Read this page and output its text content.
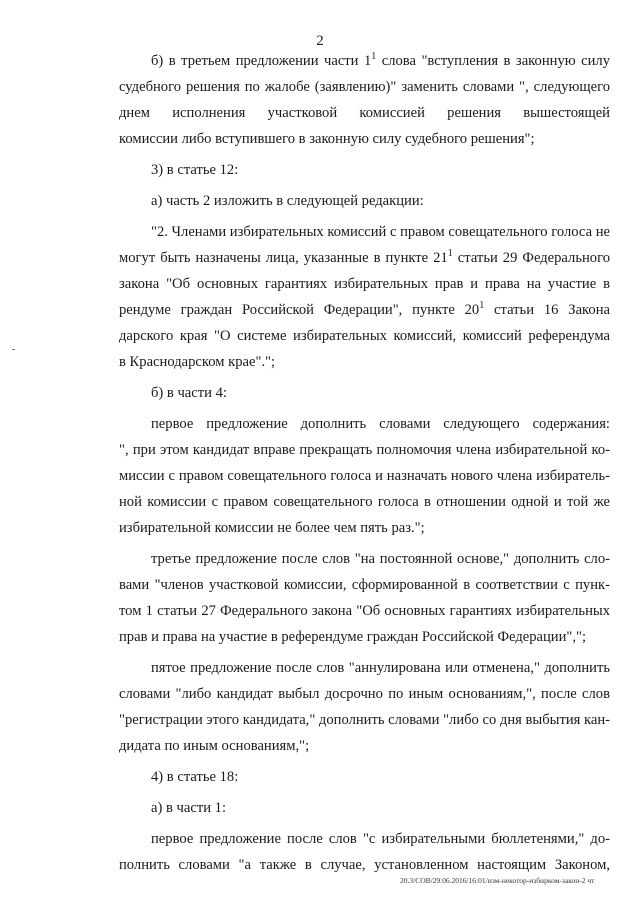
2
б) в третьем предложении части $1^1$ слова "вступления в законную силу
судебного решения по жалобе (заявлению)" заменить словами ", следующего
днем исполнения участковой комиссией решения вышестоящей
комиссии либо вступившего в законную силу судебного решения";
3) в статье 12:
а) часть 2 изложить в следующей редакции:
"2. Членами избирательных комиссий с правом совещательного голоса не
могут быть назначены лица, указанные в пункте $21^1$ статьи 29 Федерального
закона "Об основных гарантиях избирательных прав и права на участие в
рендуме граждан Российской Федерации", пункте $20^1$ статьи 16 Закона
дарского края "О системе избирательных комиссий, комиссий референдума
в Краснодарском крае".";
б) в части 4:
первое предложение дополнить словами следующего содержания:
", при этом кандидат вправе прекращать полномочия члена избирательной ко-
миссии с правом совещательного голоса и назначать нового члена избиратель-
ной комиссии с правом совещательного голоса в отношении одной и той же
избирательной комиссии не более чем пять раз.";
третье предложение после слов "на постоянной основе," дополнить сло-
вами "членов участковой комиссии, сформированной в соответствии с пунк-
том 1 статьи 27 Федерального закона "Об основных гарантиях избирательных
прав и права на участие в референдуме граждан Российской Федерации",";
пятое предложение после слов "аннулирована или отменена," дополнить
словами "либо кандидат выбыл досрочно по иным основаниям,", после слов
"регистрации этого кандидата," дополнить словами "либо со дня выбытия кан-
дидата по иным основаниям,";
4) в статье 18:
а) в части 1:
первое предложение после слов "с избирательными бюллетенями," до-
полнить словами "а также в случае, установленном настоящим Законом,
20.3/COB/29.06.2016/16:01/изм-некотор-избирком-закон-2 чт
